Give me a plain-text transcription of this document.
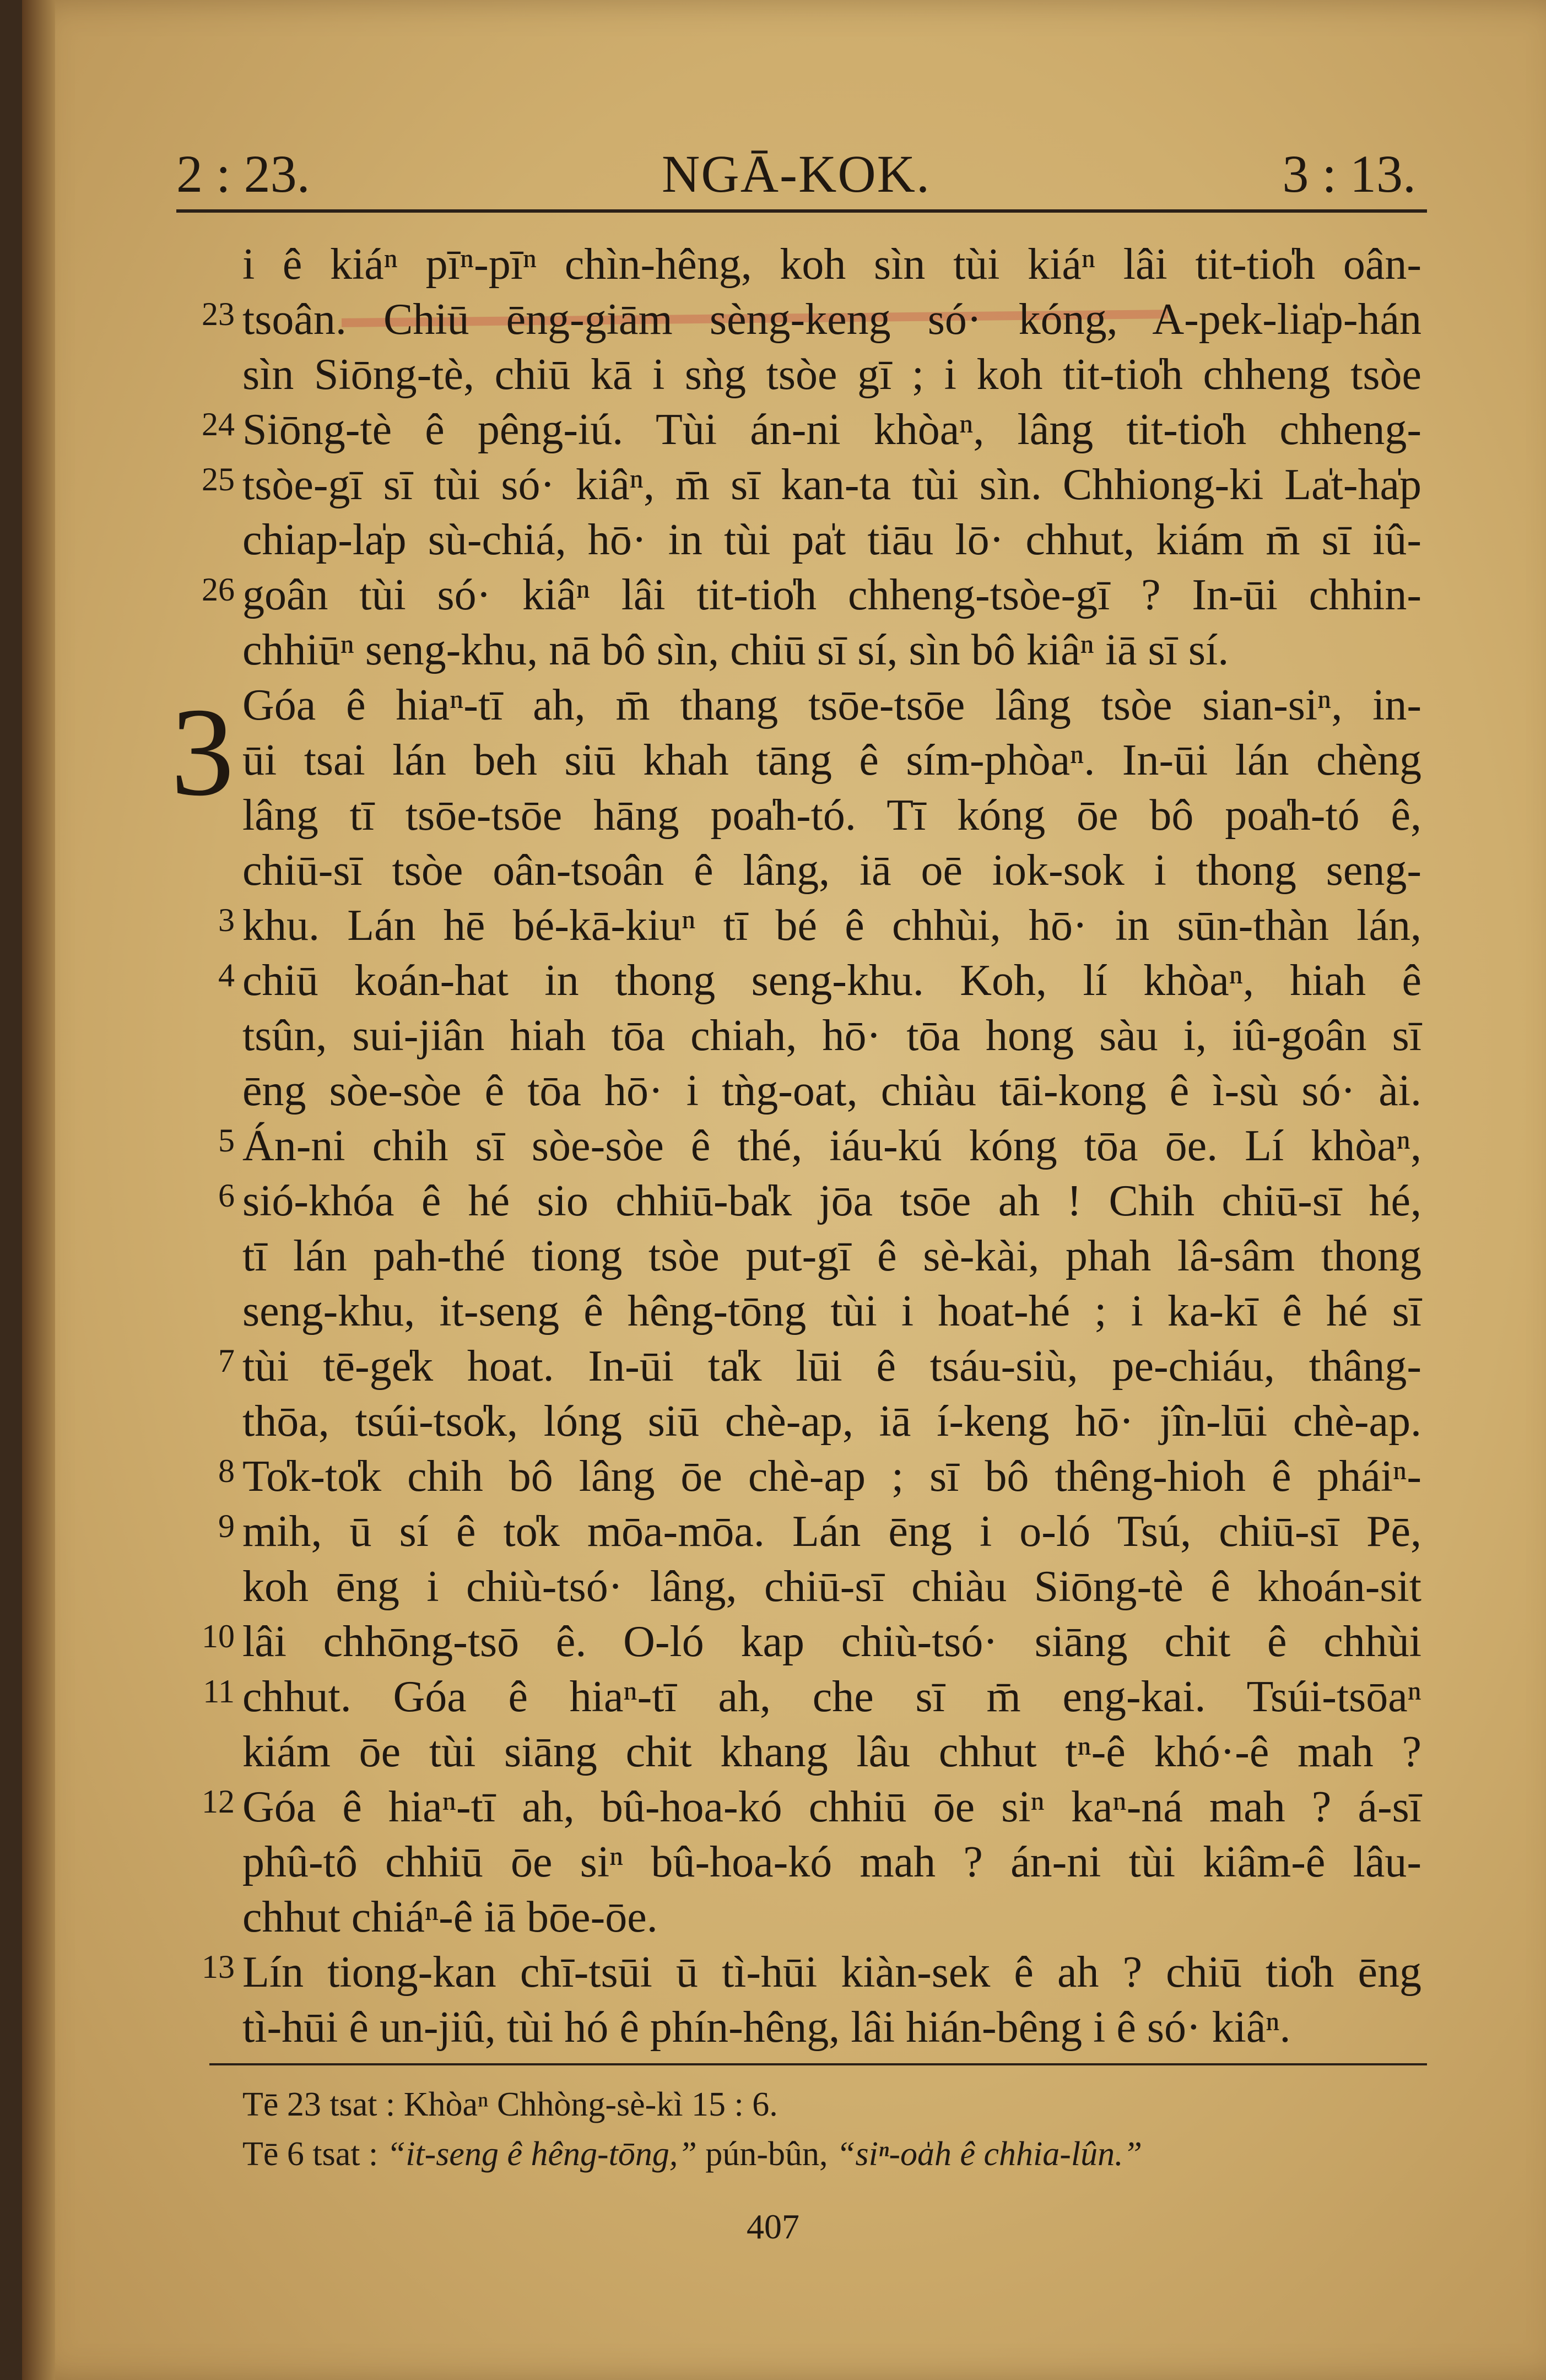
2 : 23.	NGĀ-KOK.	3 : 13.
3
i ê kiáⁿ pīⁿ-pīⁿ chìn-hêng, koh sìn tùi kiáⁿ lâi tit-tio̍h oân-
23 tsoân. Chiū ēng-giām sèng-keng só· kóng, A-pek-lia̍p-hán
sìn Siōng-tè, chiū kā i sǹg tsòe gī ; i koh tit-tio̍h chheng tsòe
24 Siōng-tè ê pêng-iú. Tùi án-ni khòaⁿ, lâng tit-tio̍h chheng-
25 tsòe-gī sī tùi só· kiâⁿ, m̄ sī kan-ta tùi sìn. Chhiong-ki La̍t-ha̍p
chiap-la̍p sù-chiá, hō· in tùi pa̍t tiāu lō· chhut, kiám m̄ sī iû-
26 goân tùi só· kiâⁿ lâi tit-tio̍h chheng-tsòe-gī ? In-ūi chhin-
chhiūⁿ seng-khu, nā bô sìn, chiū sī sí, sìn bô kiâⁿ iā sī sí.
Góa ê hiaⁿ-tī ah, m̄ thang tsōe-tsōe lâng tsòe sian-siⁿ, in-
ūi tsai lán beh siū khah tāng ê sím-phòaⁿ. In-ūi lán chèng
lâng tī tsōe-tsōe hāng poa̍h-tó. Tī kóng ōe bô poa̍h-tó ê,
chiū-sī tsòe oân-tsoân ê lâng, iā oē iok-sok i thong seng-
3 khu. Lán hē bé-kā-kiuⁿ tī bé ê chhùi, hō· in sūn-thàn lán,
4 chiū koán-hat in thong seng-khu. Koh, lí khòaⁿ, hiah ê
tsûn, sui-jiân hiah tōa chiah, hō· tōa hong sàu i, iû-goân sī
ēng sòe-sòe ê tōa hō· i tǹg-oat, chiàu tāi-kong ê ì-sù só· ài.
5 Án-ni chih sī sòe-sòe ê thé, iáu-kú kóng tōa ōe. Lí khòaⁿ,
6 sió-khóa ê hé sio chhiū-ba̍k jōa tsōe ah ! Chih chiū-sī hé,
tī lán pah-thé tiong tsòe put-gī ê sè-kài, phah lâ-sâm thong
seng-khu, it-seng ê hêng-tōng tùi i hoat-hé ; i ka-kī ê hé sī
7 tùi tē-ge̍k hoat. In-ūi ta̍k lūi ê tsáu-siù, pe-chiáu, thâng-
thōa, tsúi-tso̍k, lóng siū chè-ap, iā í-keng hō· jîn-lūi chè-ap.
8 To̍k-to̍k chih bô lâng ōe chè-ap ; sī bô thêng-hioh ê pháiⁿ-
9 mih, ū sí ê to̍k mōa-mōa. Lán ēng i o-ló Tsú, chiū-sī Pē,
koh ēng i chiù-tsó· lâng, chiū-sī chiàu Siōng-tè ê khoán-sit
10 lâi chhōng-tsō ê. O-ló kap chiù-tsó· siāng chit ê chhùi
11 chhut. Góa ê hiaⁿ-tī ah, che sī m̄ eng-kai. Tsúi-tsōaⁿ
kiám ōe tùi siāng chit khang lâu chhut tⁿ-ê khó·-ê mah ?
12 Góa ê hiaⁿ-tī ah, bû-hoa-kó chhiū ōe siⁿ kaⁿ-ná mah ? á-sī
phû-tô chhiū ōe siⁿ bû-hoa-kó mah ? án-ni tùi kiâm-ê lâu-
chhut chiáⁿ-ê iā bōe-ōe.
13 Lín tiong-kan chī-tsūi ū tì-hūi kiàn-sek ê ah ? chiū tio̍h ēng
tì-hūi ê un-jiû, tùi hó ê phín-hêng, lâi hián-bêng i ê só· kiâⁿ.
Tē 23 tsat : Khòaⁿ Chhòng-sè-kì 15 : 6.
Tē 6 tsat : “it-seng ê hêng-tōng,” pún-bûn, “siⁿ-oa̍h ê chhia-lûn.”
407
